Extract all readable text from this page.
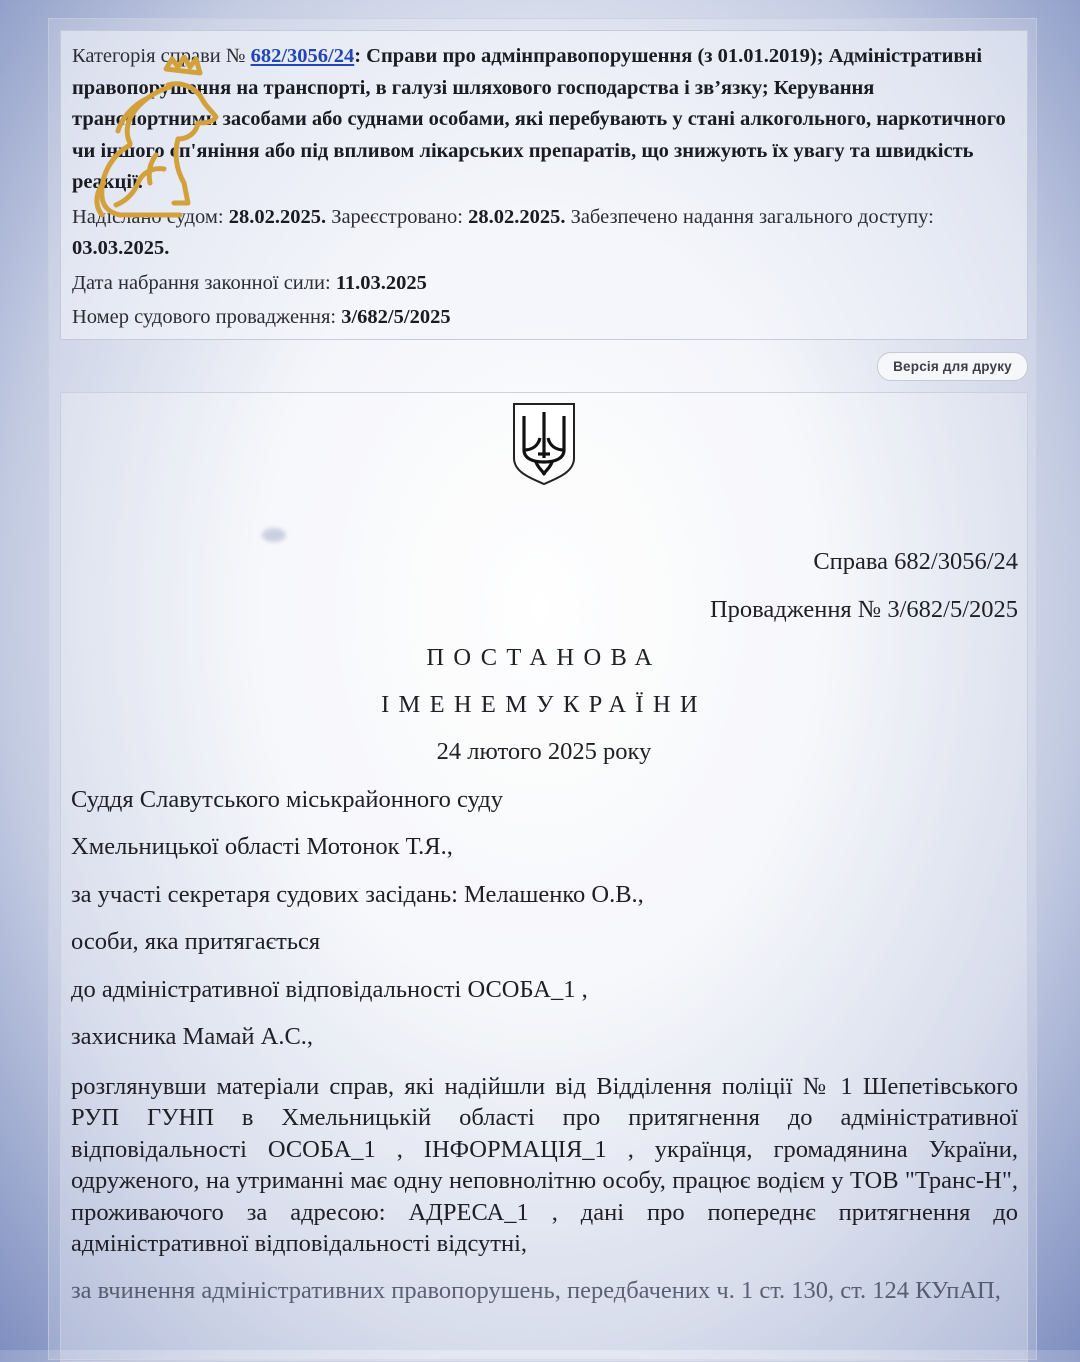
Категорія справи № 682/3056/24: Справи про адмінправопорушення (з 01.01.2019); Адміністративні правопорушення на транспорті, в галузі шляхового господарства і зв’язку; Керування транспортними засобами або суднами особами, які перебувають у стані алкогольного, наркотичного чи іншого сп'яніння або під впливом лікарських препаратів, що знижують їх увагу та швидкість реакції.

Надіслано судом: 28.02.2025. Зареєстровано: 28.02.2025. Забезпечено надання загального доступу: 03.03.2025.

Дата набрання законної сили: 11.03.2025

Номер судового провадження: 3/682/5/2025

Версія для друку
Справа 682/3056/24
Провадження № 3/682/5/2025
ПОСТАНОВА
ІМЕНЕМУКРАЇНИ
24 лютого 2025 року
Суддя Славутського міськрайонного суду
Хмельницької області Мотонок Т.Я.,
за участі секретаря судових засідань: Мелашенко О.В.,
особи, яка притягається
до адміністративної відповідальності ОСОБА_1 ,
захисника Мамай А.С.,
розглянувши матеріали справ, які надійшли від Відділення поліції № 1 Шепетівського РУП ГУНП в Хмельницькій області про притягнення до адміністративної відповідальності ОСОБА_1 , ІНФОРМАЦІЯ_1 , українця, громадянина України, одруженого, на утриманні має одну неповнолітню особу, працює водієм у ТОВ "Транс-Н", проживаючого за адресою: АДРЕСА_1 , дані про попереднє притягнення до адміністративної відповідальності відсутні,
за вчинення адміністративних правопорушень, передбачених ч. 1 ст. 130, ст. 124 КУпАП,
